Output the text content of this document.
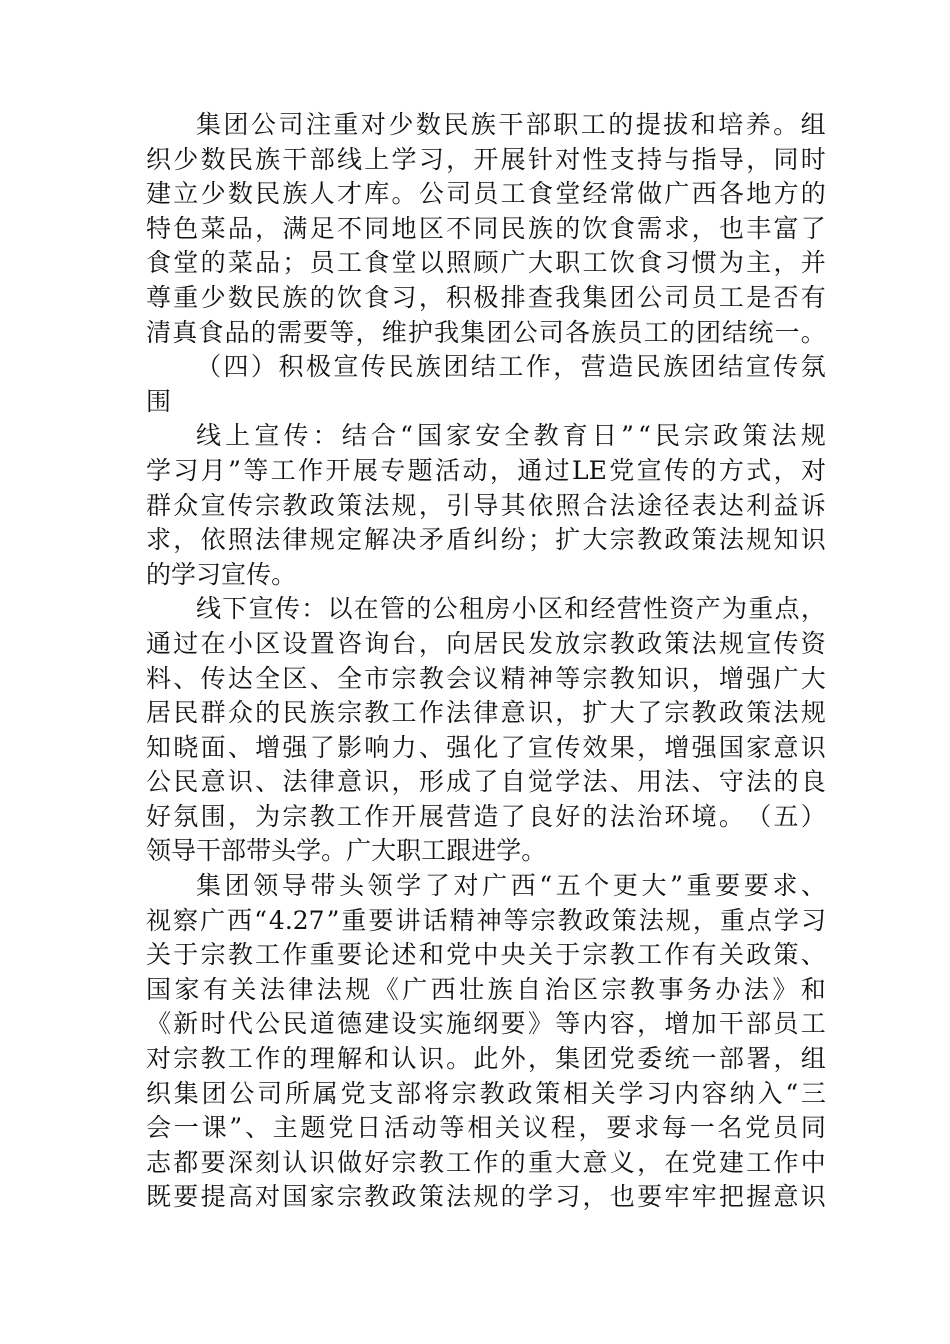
集 团 公 司 注 重 对 少 数 民 族 干 部 职 工 的 提 拔 和 培 养 。 组
织 少 数 民 族 干 部 线 上 学 习 ， 开 展 针 对 性 支 持 与 指 导 ， 同 时
建 立 少 数 民 族 人 才 库 。 公 司 员 工 食 堂 经 常 做 广 西 各 地 方 的
特 色 菜 品 ， 满 足 不 同 地 区 不 同 民 族 的 饮 食 需 求 ， 也 丰 富 了
食 堂 的 菜 品 ； 员 工 食 堂 以 照 顾 广 大 职 工 饮 食 习 惯 为 主 ， 并
尊 重 少 数 民 族 的 饮 食 习 ， 积 极 排 查 我 集 团 公 司 员 工 是 否 有
清 真 食 品 的 需 要 等 ， 维 护 我 集 团 公 司 各 族 员 工 的 团 结 统 一 。
（ 四 ） 积 极 宣 传 民 族 团 结 工 作 ， 营 造 民 族 团 结 宣 传 氛
围
线 上 宣 传 ： 结 合 “ 国 家 安 全 教 育 日 ” “ 民 宗 政 策 法 规
学 习 月 ” 等 工 作 开 展 专 题 活 动 ， 通 过 LE 党 宣 传 的 方 式 ， 对
群 众 宣 传 宗 教 政 策 法 规 ， 引 导 其 依 照 合 法 途 径 表 达 利 益 诉
求 ， 依 照 法 律 规 定 解 决 矛 盾 纠 纷 ； 扩 大 宗 教 政 策 法 规 知 识
的 学 习 宣 传 。
线 下 宣 传 ： 以 在 管 的 公 租 房 小 区 和 经 营 性 资 产 为 重 点 ，
通 过 在 小 区 设 置 咨 询 台 ， 向 居 民 发 放 宗 教 政 策 法 规 宣 传 资
料 、 传 达 全 区 、 全 市 宗 教 会 议 精 神 等 宗 教 知 识 ， 增 强 广 大
居 民 群 众 的 民 族 宗 教 工 作 法 律 意 识 ， 扩 大 了 宗 教 政 策 法 规
知 晓 面 、 增 强 了 影 响 力 、 强 化 了 宣 传 效 果 ， 增 强 国 家 意 识
公 民 意 识 、 法 律 意 识 ， 形 成 了 自 觉 学 法 、 用 法 、 守 法 的 良
好 氛 围 ， 为 宗 教 工 作 开 展 营 造 了 良 好 的 法 治 环 境 。 （ 五 ）
领 导 干 部 带 头 学 。 广 大 职 工 跟 进 学 。
集 团 领 导 带 头 领 学 了 对 广 西 “ 五 个 更 大 ” 重 要 要 求 、
视 察 广 西 “ 4.27 ” 重 要 讲 话 精 神 等 宗 教 政 策 法 规 ， 重 点 学 习
关 于 宗 教 工 作 重 要 论 述 和 党 中 央 关 于 宗 教 工 作 有 关 政 策 、
国 家 有 关 法 律 法 规 《 广 西 壮 族 自 治 区 宗 教 事 务 办 法 》 和
《 新 时 代 公 民 道 德 建 设 实 施 纲 要 》 等 内 容 ， 增 加 干 部 员 工
对 宗 教 工 作 的 理 解 和 认 识 。 此 外 ， 集 团 党 委 统 一 部 署 ， 组
织 集 团 公 司 所 属 党 支 部 将 宗 教 政 策 相 关 学 习 内 容 纳 入 “ 三
会 一 课 ” 、 主 题 党 日 活 动 等 相 关 议 程 ， 要 求 每 一 名 党 员 同
志 都 要 深 刻 认 识 做 好 宗 教 工 作 的 重 大 意 义 ， 在 党 建 工 作 中
既 要 提 高 对 国 家 宗 教 政 策 法 规 的 学 习 ， 也 要 牢 牢 把 握 意 识
